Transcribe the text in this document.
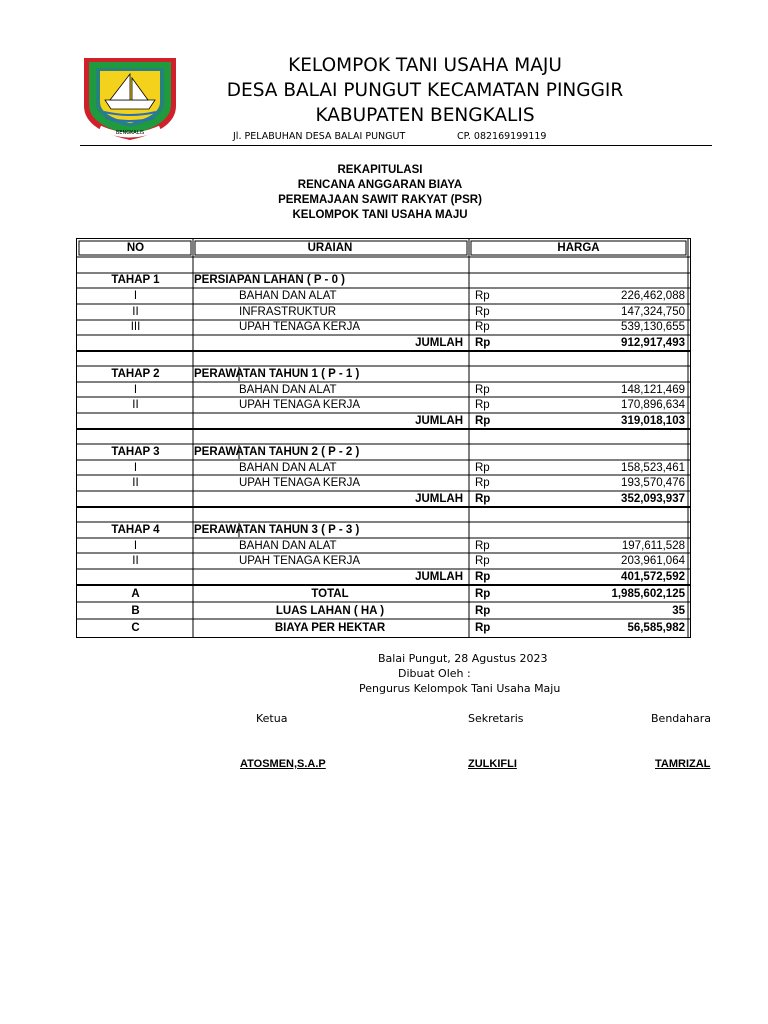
BENGKALIS
KELOMPOK TANI USAHA MAJU
DESA BALAI PUNGUT KECAMATAN PINGGIR
KABUPATEN BENGKALIS
Jl. PELABUHAN DESA BALAI PUNGUT	CP. 082169199119
REKAPITULASI
RENCANA ANGGARAN BIAYA
PEREMAJAAN SAWIT RAKYAT (PSR)
KELOMPOK TANI USAHA MAJU
NO	URAIAN	HARGA
TAHAP 1	PERSIAPAN LAHAN ( P - 0 )
I	BAHAN DAN ALAT	Rp	226,462,088
II	INFRASTRUKTUR	Rp	147,324,750
III	UPAH TENAGA KERJA	Rp	539,130,655
JUMLAH Rp	912,917,493
TAHAP 2	PERAWATAN TAHUN 1 ( P - 1 )
I	BAHAN DAN ALAT	Rp	148,121,469
II	UPAH TENAGA KERJA	Rp	170,896,634
JUMLAH Rp	319,018,103
TAHAP 3	PERAWATAN TAHUN 2 ( P - 2 )
I	BAHAN DAN ALAT	Rp	158,523,461
II	UPAH TENAGA KERJA	Rp	193,570,476
JUMLAH Rp	352,093,937
TAHAP 4	PERAWATAN TAHUN 3 ( P - 3 )
I	BAHAN DAN ALAT	Rp	197,611,528
II	UPAH TENAGA KERJA	Rp	203,961,064
JUMLAH Rp	401,572,592
A	TOTAL	Rp	1,985,602,125
B	LUAS LAHAN ( HA )	Rp	35
C	BIAYA PER HEKTAR	Rp	56,585,982
Balai Pungut, 28 Agustus 2023
Dibuat Oleh :
Pengurus Kelompok Tani Usaha Maju
Ketua	Sekretaris	Bendahara
ATOSMEN,S.A.P	ZULKIFLI	TAMRIZAL
